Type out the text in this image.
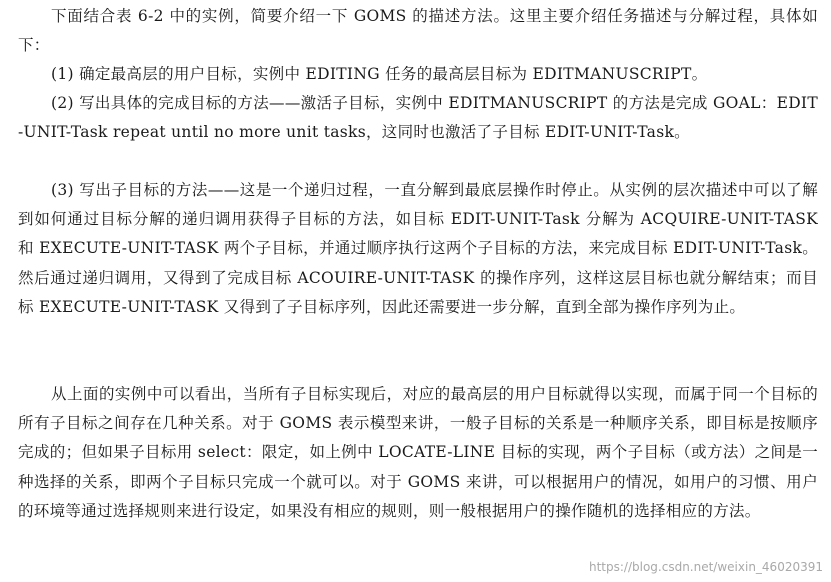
下面结合表 6-2 中的实例，简要介绍一下 GOMS 的描述方法。这里主要介绍任务描述与分解过程，具体如下：

(1) 确定最高层的用户目标，实例中 EDITING 任务的最高层目标为 EDITMANUSCRIPT。

(2) 写出具体的完成目标的方法——激活子目标，实例中 EDITMANUSCRIPT 的方法是完成 GOAL：EDIT-UNIT-Task repeat until no more unit tasks，这同时也激活了子目标 EDIT-UNIT-Task。

(3) 写出子目标的方法——这是一个递归过程，一直分解到最底层操作时停止。从实例的层次描述中可以了解到如何通过目标分解的递归调用获得子目标的方法，如目标 EDIT-UNIT-Task 分解为 ACQUIRE-UNIT-TASK 和 EXECUTE-UNIT-TASK 两个子目标，并通过顺序执行这两个子目标的方法，来完成目标 EDIT-UNIT-Task。然后通过递归调用，又得到了完成目标 ACOUIRE-UNIT-TASK 的操作序列，这样这层目标也就分解结束；而目标 EXECUTE-UNIT-TASK 又得到了子目标序列，因此还需要进一步分解，直到全部为操作序列为止。

从上面的实例中可以看出，当所有子目标实现后，对应的最高层的用户目标就得以实现，而属于同一个目标的所有子目标之间存在几种关系。对于 GOMS 表示模型来讲，一般子目标的关系是一种顺序关系，即目标是按顺序完成的；但如果子目标用 select：限定，如上例中 LOCATE-LINE 目标的实现，两个子目标（或方法）之间是一种选择的关系，即两个子目标只完成一个就可以。对于 GOMS 来讲，可以根据用户的情况，如用户的习惯、用户的环境等通过选择规则来进行设定，如果没有相应的规则，则一般根据用户的操作随机的选择相应的方法。

https://blog.csdn.net/weixin_46020391
